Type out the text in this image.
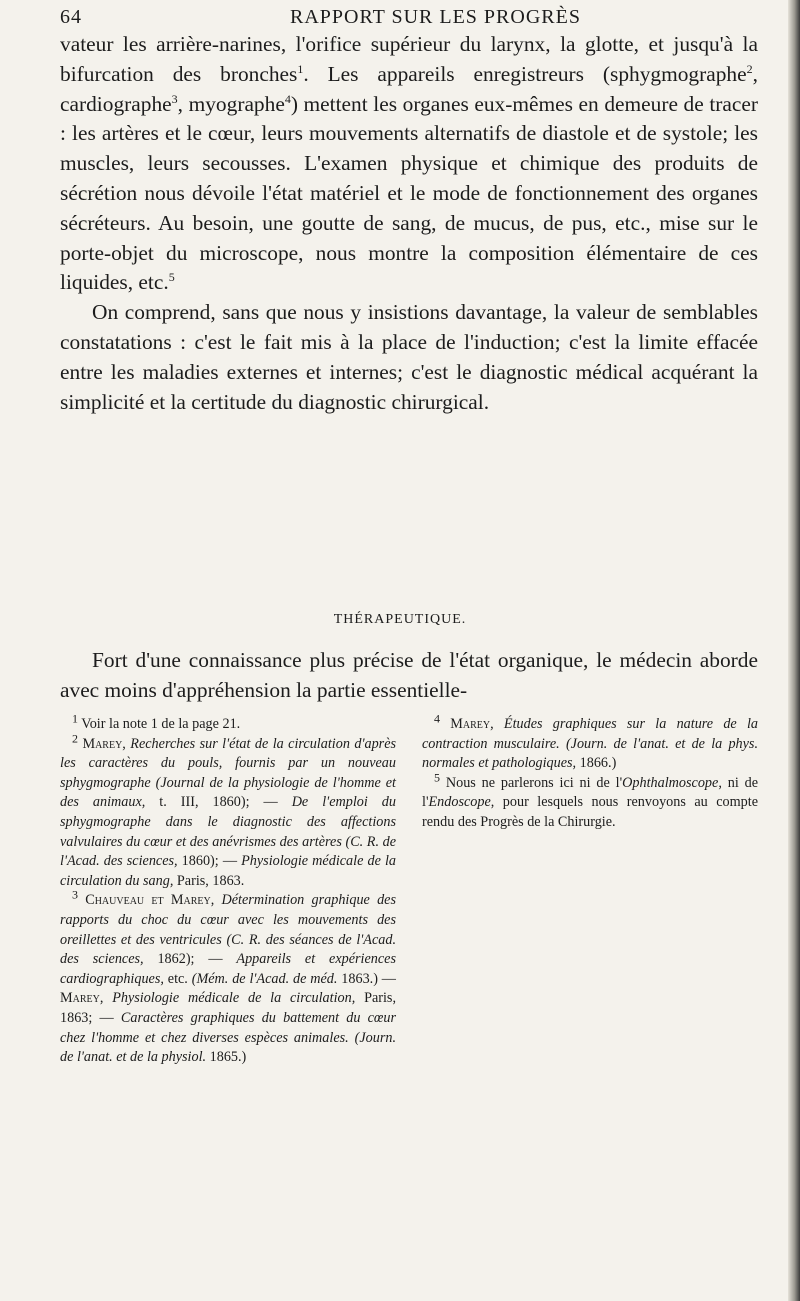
64	RAPPORT SUR LES PROGRÈS

vateur les arrière-narines, l'orifice supérieur du larynx, la glotte, et jusqu'à la bifurcation des bronches$^1$. Les appareils enregistreurs (sphygmographe$^2$, cardiographe$^3$, myographe$^4$) mettent les organes eux-mêmes en demeure de tracer : les artères et le cœur, leurs mouvements alternatifs de diastole et de systole; les muscles, leurs secousses. L'examen physique et chimique des produits de sécrétion nous dévoile l'état matériel et le mode de fonctionnement des organes sécréteurs. Au besoin, une goutte de sang, de mucus, de pus, etc., mise sur le porte-objet du microscope, nous montre la composition élémentaire de ces liquides, etc.$^5$

On comprend, sans que nous y insistions davantage, la valeur de semblables constatations : c'est le fait mis à la place de l'induction; c'est la limite effacée entre les maladies externes et internes; c'est le diagnostic médical acquérant la simplicité et la certitude du diagnostic chirurgical.

THÉRAPEUTIQUE.

Fort d'une connaissance plus précise de l'état organique, le médecin aborde avec moins d'appréhension la partie essentielle-

$^1$ Voir la note 1 de la page 21.

$^2$ Marey, Recherches sur l'état de la circulation d'après les caractères du pouls, fournis par un nouveau sphygmographe (Journal de la physiologie de l'homme et des animaux, t. III, 1860); — De l'emploi du sphygmographe dans le diagnostic des affections valvulaires du cœur et des anévrismes des artères (C. R. de l'Acad. des sciences, 1860); — Physiologie médicale de la circulation du sang, Paris, 1863.

$^3$ Chauveau et Marey, Détermination graphique des rapports du choc du cœur avec les mouvements des oreillettes et des ventricules (C. R. des séances de l'Acad. des sciences, 1862); — Appareils et expériences cardiographiques, etc. (Mém. de l'Acad. de méd. 1863.) — Marey, Physiologie médicale de la circulation, Paris, 1863; — Caractères graphiques du battement du cœur chez l'homme et chez diverses espèces animales. (Journ. de l'anat. et de la physiol. 1865.)

$^4$ Marey, Études graphiques sur la nature de la contraction musculaire. (Journ. de l'anat. et de la phys. normales et pathologiques, 1866.)

$^5$ Nous ne parlerons ici ni de l'Ophthalmoscope, ni de l'Endoscope, pour lesquels nous renvoyons au compte rendu des Progrès de la Chirurgie.
